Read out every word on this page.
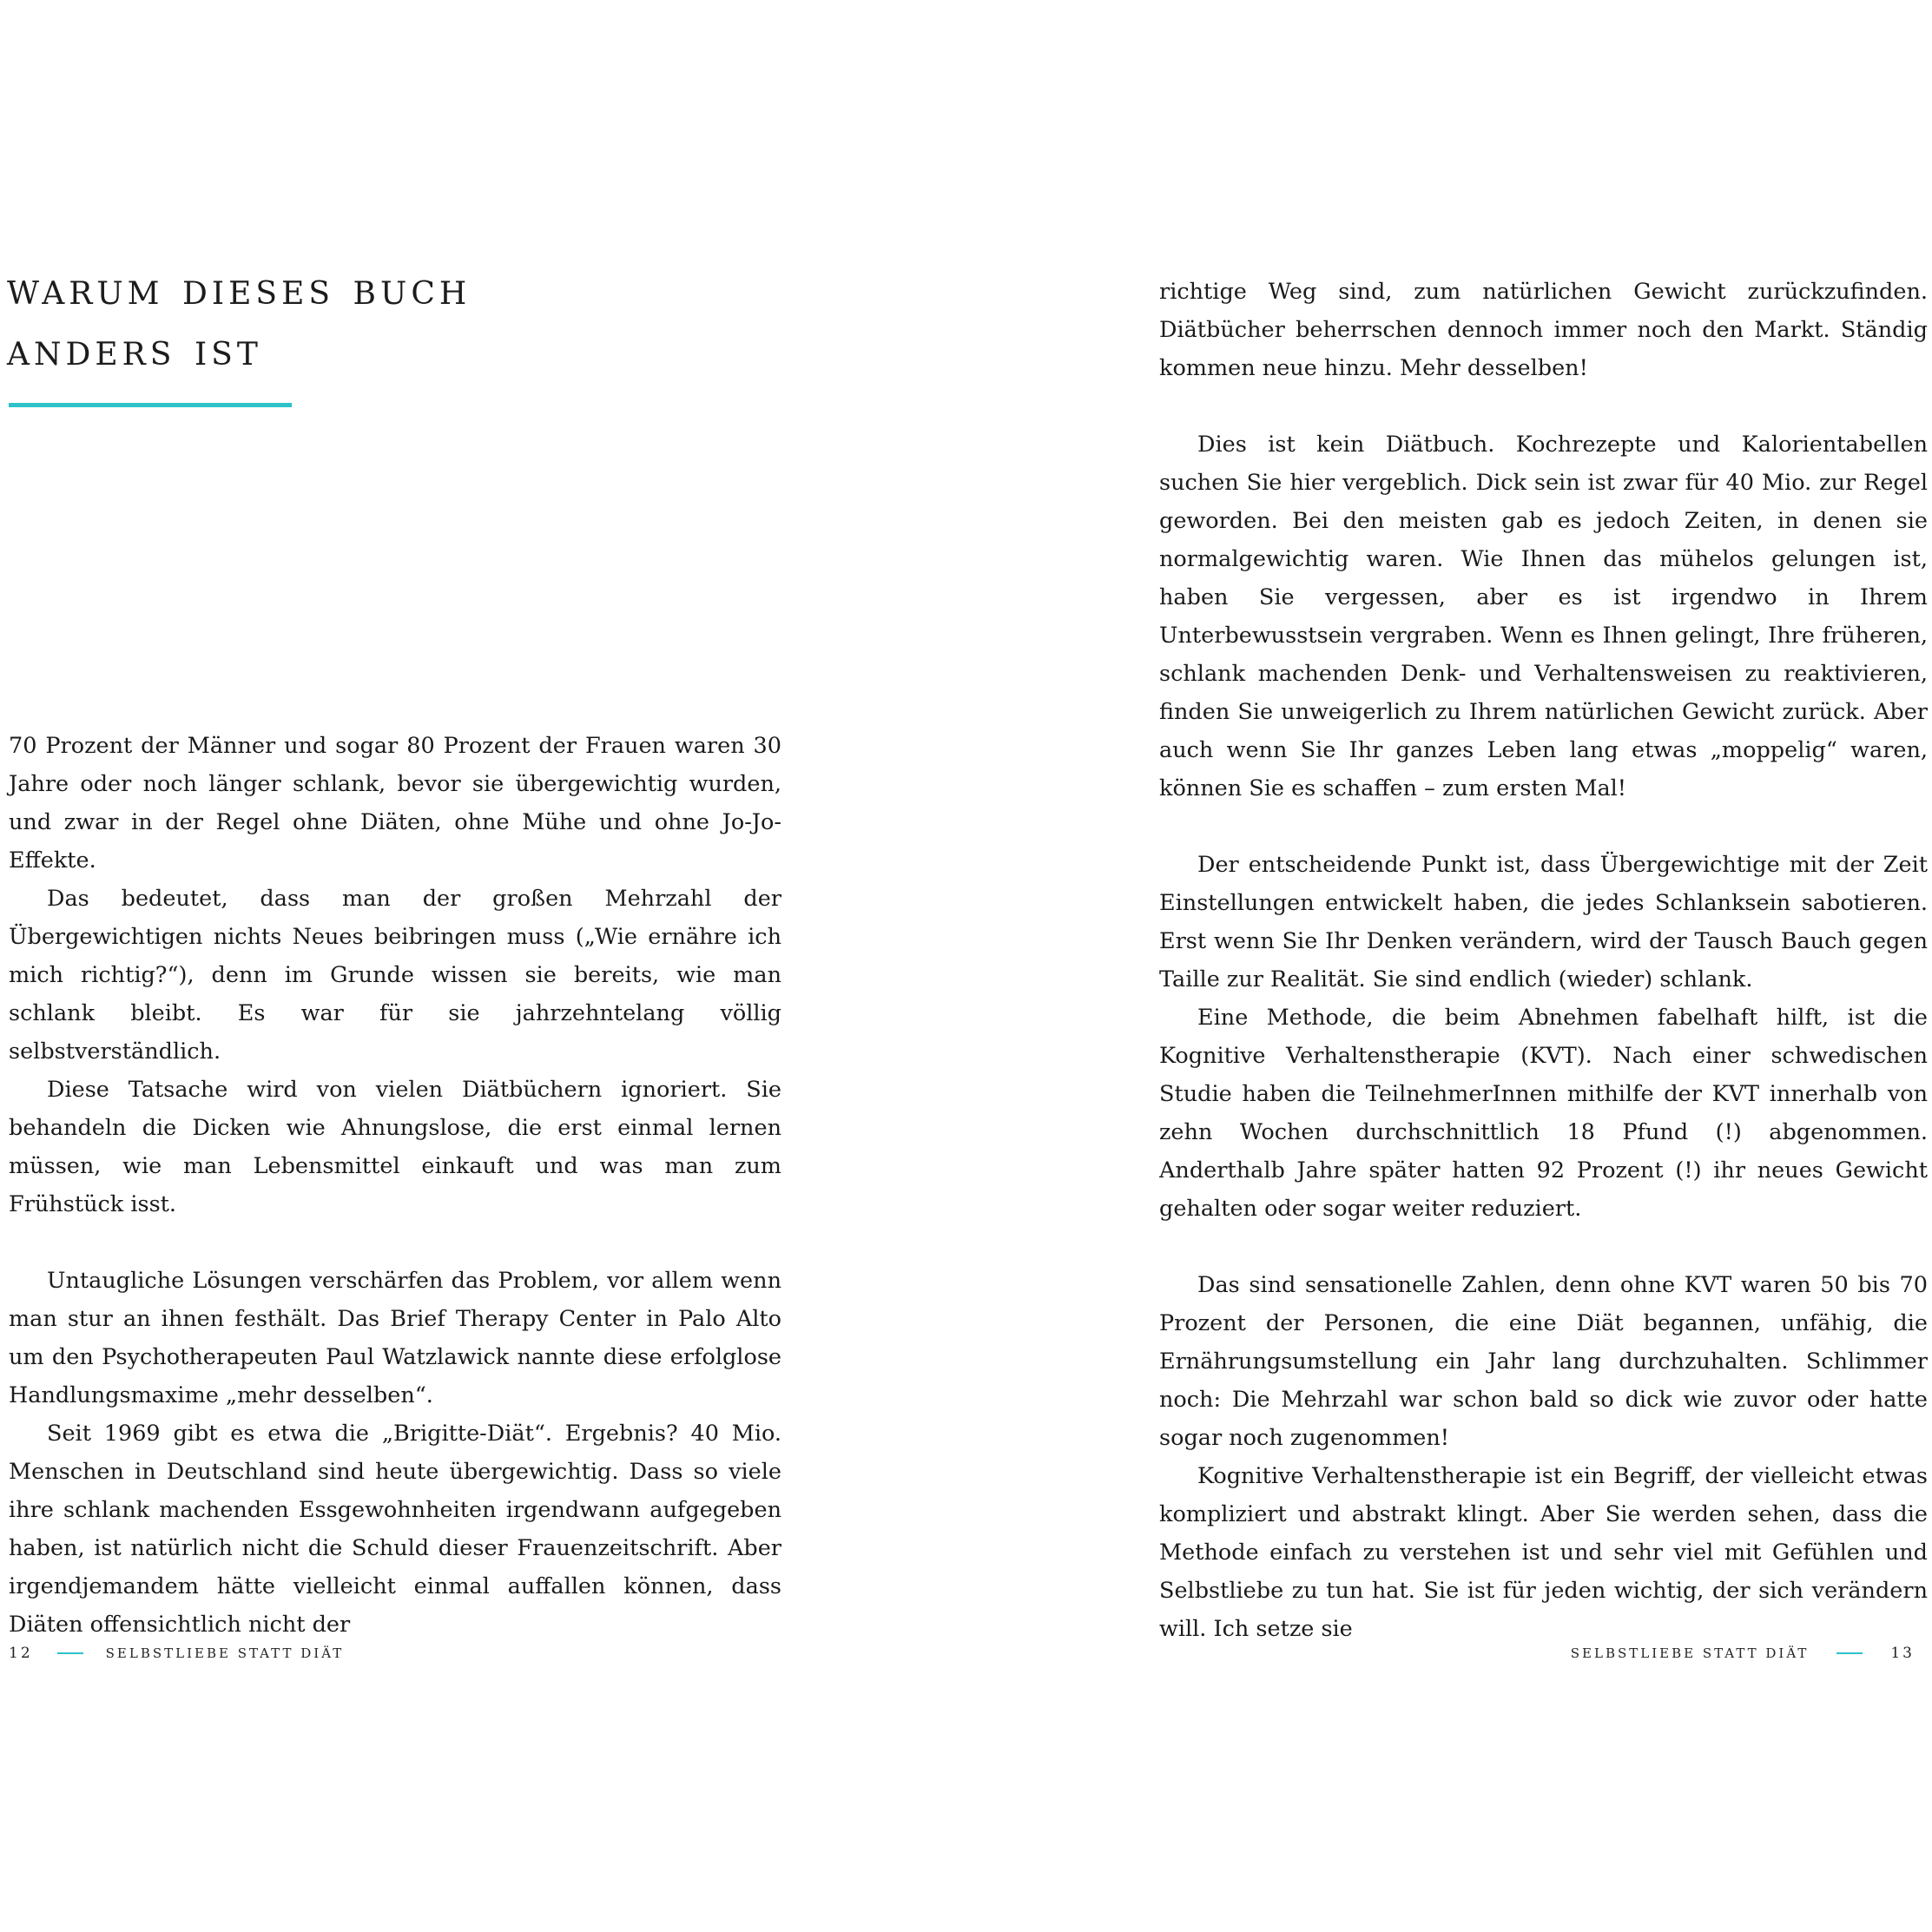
warum dieses buch
anders ist

70 Prozent der Männer und sogar 80 Prozent der Frauen waren 30 Jahre oder noch länger schlank, bevor sie übergewichtig wurden, und zwar in der Regel ohne Diäten, ohne Mühe und ohne Jo-Jo-Effekte.

Das bedeutet, dass man der großen Mehrzahl der Übergewichtigen nichts Neues beibringen muss („Wie ernähre ich mich richtig?“), denn im Grunde wissen sie bereits, wie man schlank bleibt. Es war für sie jahrzehntelang völlig selbstverständlich.

Diese Tatsache wird von vielen Diätbüchern ignoriert. Sie behandeln die Dicken wie Ahnungslose, die erst einmal lernen müssen, wie man Lebensmittel einkauft und was man zum Frühstück isst.

Untaugliche Lösungen verschärfen das Problem, vor allem wenn man stur an ihnen festhält. Das Brief Therapy Center in Palo Alto um den Psychotherapeuten Paul Watzlawick nannte diese erfolglose Handlungsmaxime „mehr desselben“.

Seit 1969 gibt es etwa die „Brigitte-Diät“. Ergebnis? 40 Mio. Menschen in Deutschland sind heute übergewichtig. Dass so viele ihre schlank machenden Essgewohnheiten irgendwann aufgegeben haben, ist natürlich nicht die Schuld dieser Frauenzeitschrift. Aber irgendjemandem hätte vielleicht einmal auffallen können, dass Diäten offensichtlich nicht der

12	SELBSTLIEBE STATT DIÄT

richtige Weg sind, zum natürlichen Gewicht zurückzufinden. Diätbücher beherrschen dennoch immer noch den Markt. Ständig kommen neue hinzu. Mehr desselben!

Dies ist kein Diätbuch. Kochrezepte und Kalorientabellen suchen Sie hier vergeblich. Dick sein ist zwar für 40 Mio. zur Regel geworden. Bei den meisten gab es jedoch Zeiten, in denen sie normalgewichtig waren. Wie Ihnen das mühelos gelungen ist, haben Sie vergessen, aber es ist irgendwo in Ihrem Unterbewusstsein vergraben. Wenn es Ihnen gelingt, Ihre früheren, schlank machenden Denk- und Verhaltensweisen zu reaktivieren, finden Sie unweigerlich zu Ihrem natürlichen Gewicht zurück. Aber auch wenn Sie Ihr ganzes Leben lang etwas „moppelig“ waren, können Sie es schaffen – zum ersten Mal!

Der entscheidende Punkt ist, dass Übergewichtige mit der Zeit Einstellungen entwickelt haben, die jedes Schlanksein sabotieren. Erst wenn Sie Ihr Denken verändern, wird der Tausch Bauch gegen Taille zur Realität. Sie sind endlich (wieder) schlank.

Eine Methode, die beim Abnehmen fabelhaft hilft, ist die Kognitive Verhaltenstherapie (KVT). Nach einer schwedischen Studie haben die TeilnehmerInnen mithilfe der KVT innerhalb von zehn Wochen durchschnittlich 18 Pfund (!) abgenommen. Anderthalb Jahre später hatten 92 Prozent (!) ihr neues Gewicht gehalten oder sogar weiter reduziert.

Das sind sensationelle Zahlen, denn ohne KVT waren 50 bis 70 Prozent der Personen, die eine Diät begannen, unfähig, die Ernährungsumstellung ein Jahr lang durchzuhalten. Schlimmer noch: Die Mehrzahl war schon bald so dick wie zuvor oder hatte sogar noch zugenommen!

Kognitive Verhaltenstherapie ist ein Begriff, der vielleicht etwas kompliziert und abstrakt klingt. Aber Sie werden sehen, dass die Methode einfach zu verstehen ist und sehr viel mit Gefühlen und Selbstliebe zu tun hat. Sie ist für jeden wichtig, der sich verändern will. Ich setze sie

SELBSTLIEBE STATT DIÄT	13
